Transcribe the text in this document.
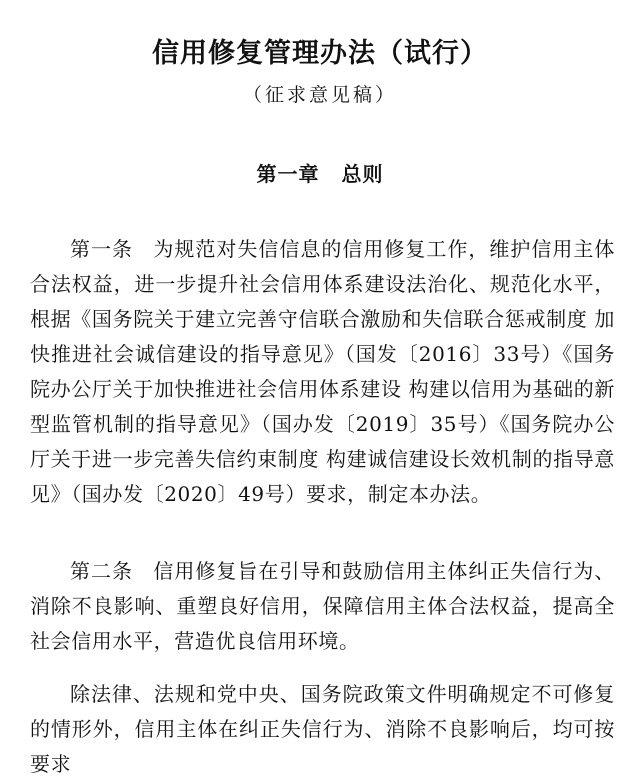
信用修复管理办法（试行）
（征求意见稿）
第一章 总则

第一条 为规范对失信信息的信用修复工作，维护信用主体合法权益，进一步提升社会信用体系建设法治化、规范化水平，根据《国务院关于建立完善守信联合激励和失信联合惩戒制度 加快推进社会诚信建设的指导意见》（国发〔2016〕33号）《国务院办公厅关于加快推进社会信用体系建设 构建以信用为基础的新型监管机制的指导意见》（国办发〔2019〕35号）《国务院办公厅关于进一步完善失信约束制度 构建诚信建设长效机制的指导意见》（国办发〔2020〕49号）要求，制定本办法。

第二条 信用修复旨在引导和鼓励信用主体纠正失信行为、消除不良影响、重塑良好信用，保障信用主体合法权益，提高全社会信用水平，营造优良信用环境。

除法律、法规和党中央、国务院政策文件明确规定不可修复的情形外，信用主体在纠正失信行为、消除不良影响后，均可按要求
